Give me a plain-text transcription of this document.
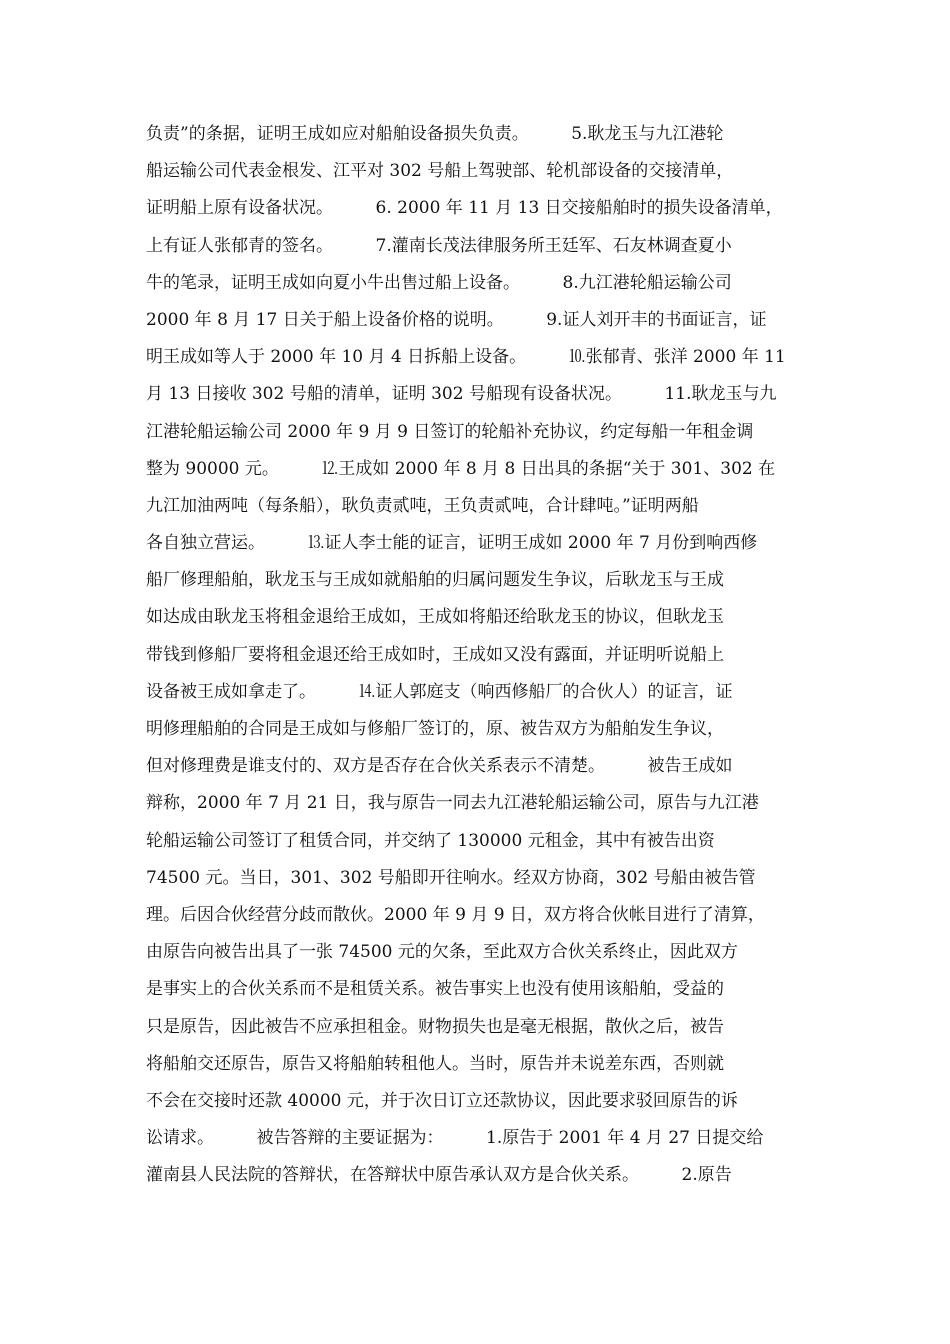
负责”的条据，证明王成如应对船舶设备损失负责。　　　5.耿龙玉与九江港轮
船运输公司代表金根发、江平对 302 号船上驾驶部、轮机部设备的交接清单，
证明船上原有设备状况。　　　6. 2000 年 11 月 13 日交接船舶时的损失设备清单，
上有证人张郁青的签名。　　　7.灌南长茂法律服务所王廷军、石友林调查夏小
牛的笔录，证明王成如向夏小牛出售过船上设备。　　　8.九江港轮船运输公司
2000 年 8 月 17 日关于船上设备价格的说明。　　　9.证人刘开丰的书面证言，证
明王成如等人于 2000 年 10 月 4 日拆船上设备。　　　⒑张郁青、张洋 2000 年 11
月 13 日接收 302 号船的清单，证明 302 号船现有设备状况。　　　11.耿龙玉与九
江港轮船运输公司 2000 年 9 月 9 日签订的轮船补充协议，约定每船一年租金调
整为 90000 元。　　　⒓王成如 2000 年 8 月 8 日出具的条据“关于 301、302 在
九江加油两吨（每条船），耿负责贰吨，王负责贰吨，合计肆吨。”证明两船
各自独立营运。　　　⒔证人李士能的证言，证明王成如 2000 年 7 月份到响西修
船厂修理船舶，耿龙玉与王成如就船舶的归属问题发生争议，后耿龙玉与王成
如达成由耿龙玉将租金退给王成如，王成如将船还给耿龙玉的协议，但耿龙玉
带钱到修船厂要将租金退还给王成如时，王成如又没有露面，并证明听说船上
设备被王成如拿走了。　　　⒕证人郭庭支（响西修船厂的合伙人）的证言，证
明修理船舶的合同是王成如与修船厂签订的，原、被告双方为船舶发生争议，
但对修理费是谁支付的、双方是否存在合伙关系表示不清楚。　　　被告王成如
辩称，2000 年 7 月 21 日，我与原告一同去九江港轮船运输公司，原告与九江港
轮船运输公司签订了租赁合同，并交纳了 130000 元租金，其中有被告出资
74500 元。当日，301、302 号船即开往响水。经双方协商，302 号船由被告管
理。后因合伙经营分歧而散伙。2000 年 9 月 9 日，双方将合伙帐目进行了清算，
由原告向被告出具了一张 74500 元的欠条，至此双方合伙关系终止，因此双方
是事实上的合伙关系而不是租赁关系。被告事实上也没有使用该船舶，受益的
只是原告，因此被告不应承担租金。财物损失也是毫无根据，散伙之后，被告
将船舶交还原告，原告又将船舶转租他人。当时，原告并未说差东西，否则就
不会在交接时还款 40000 元，并于次日订立还款协议，因此要求驳回原告的诉
讼请求。　　　被告答辩的主要证据为：　　　1.原告于 2001 年 4 月 27 日提交给
灌南县人民法院的答辩状，在答辩状中原告承认双方是合伙关系。　　　2.原告
